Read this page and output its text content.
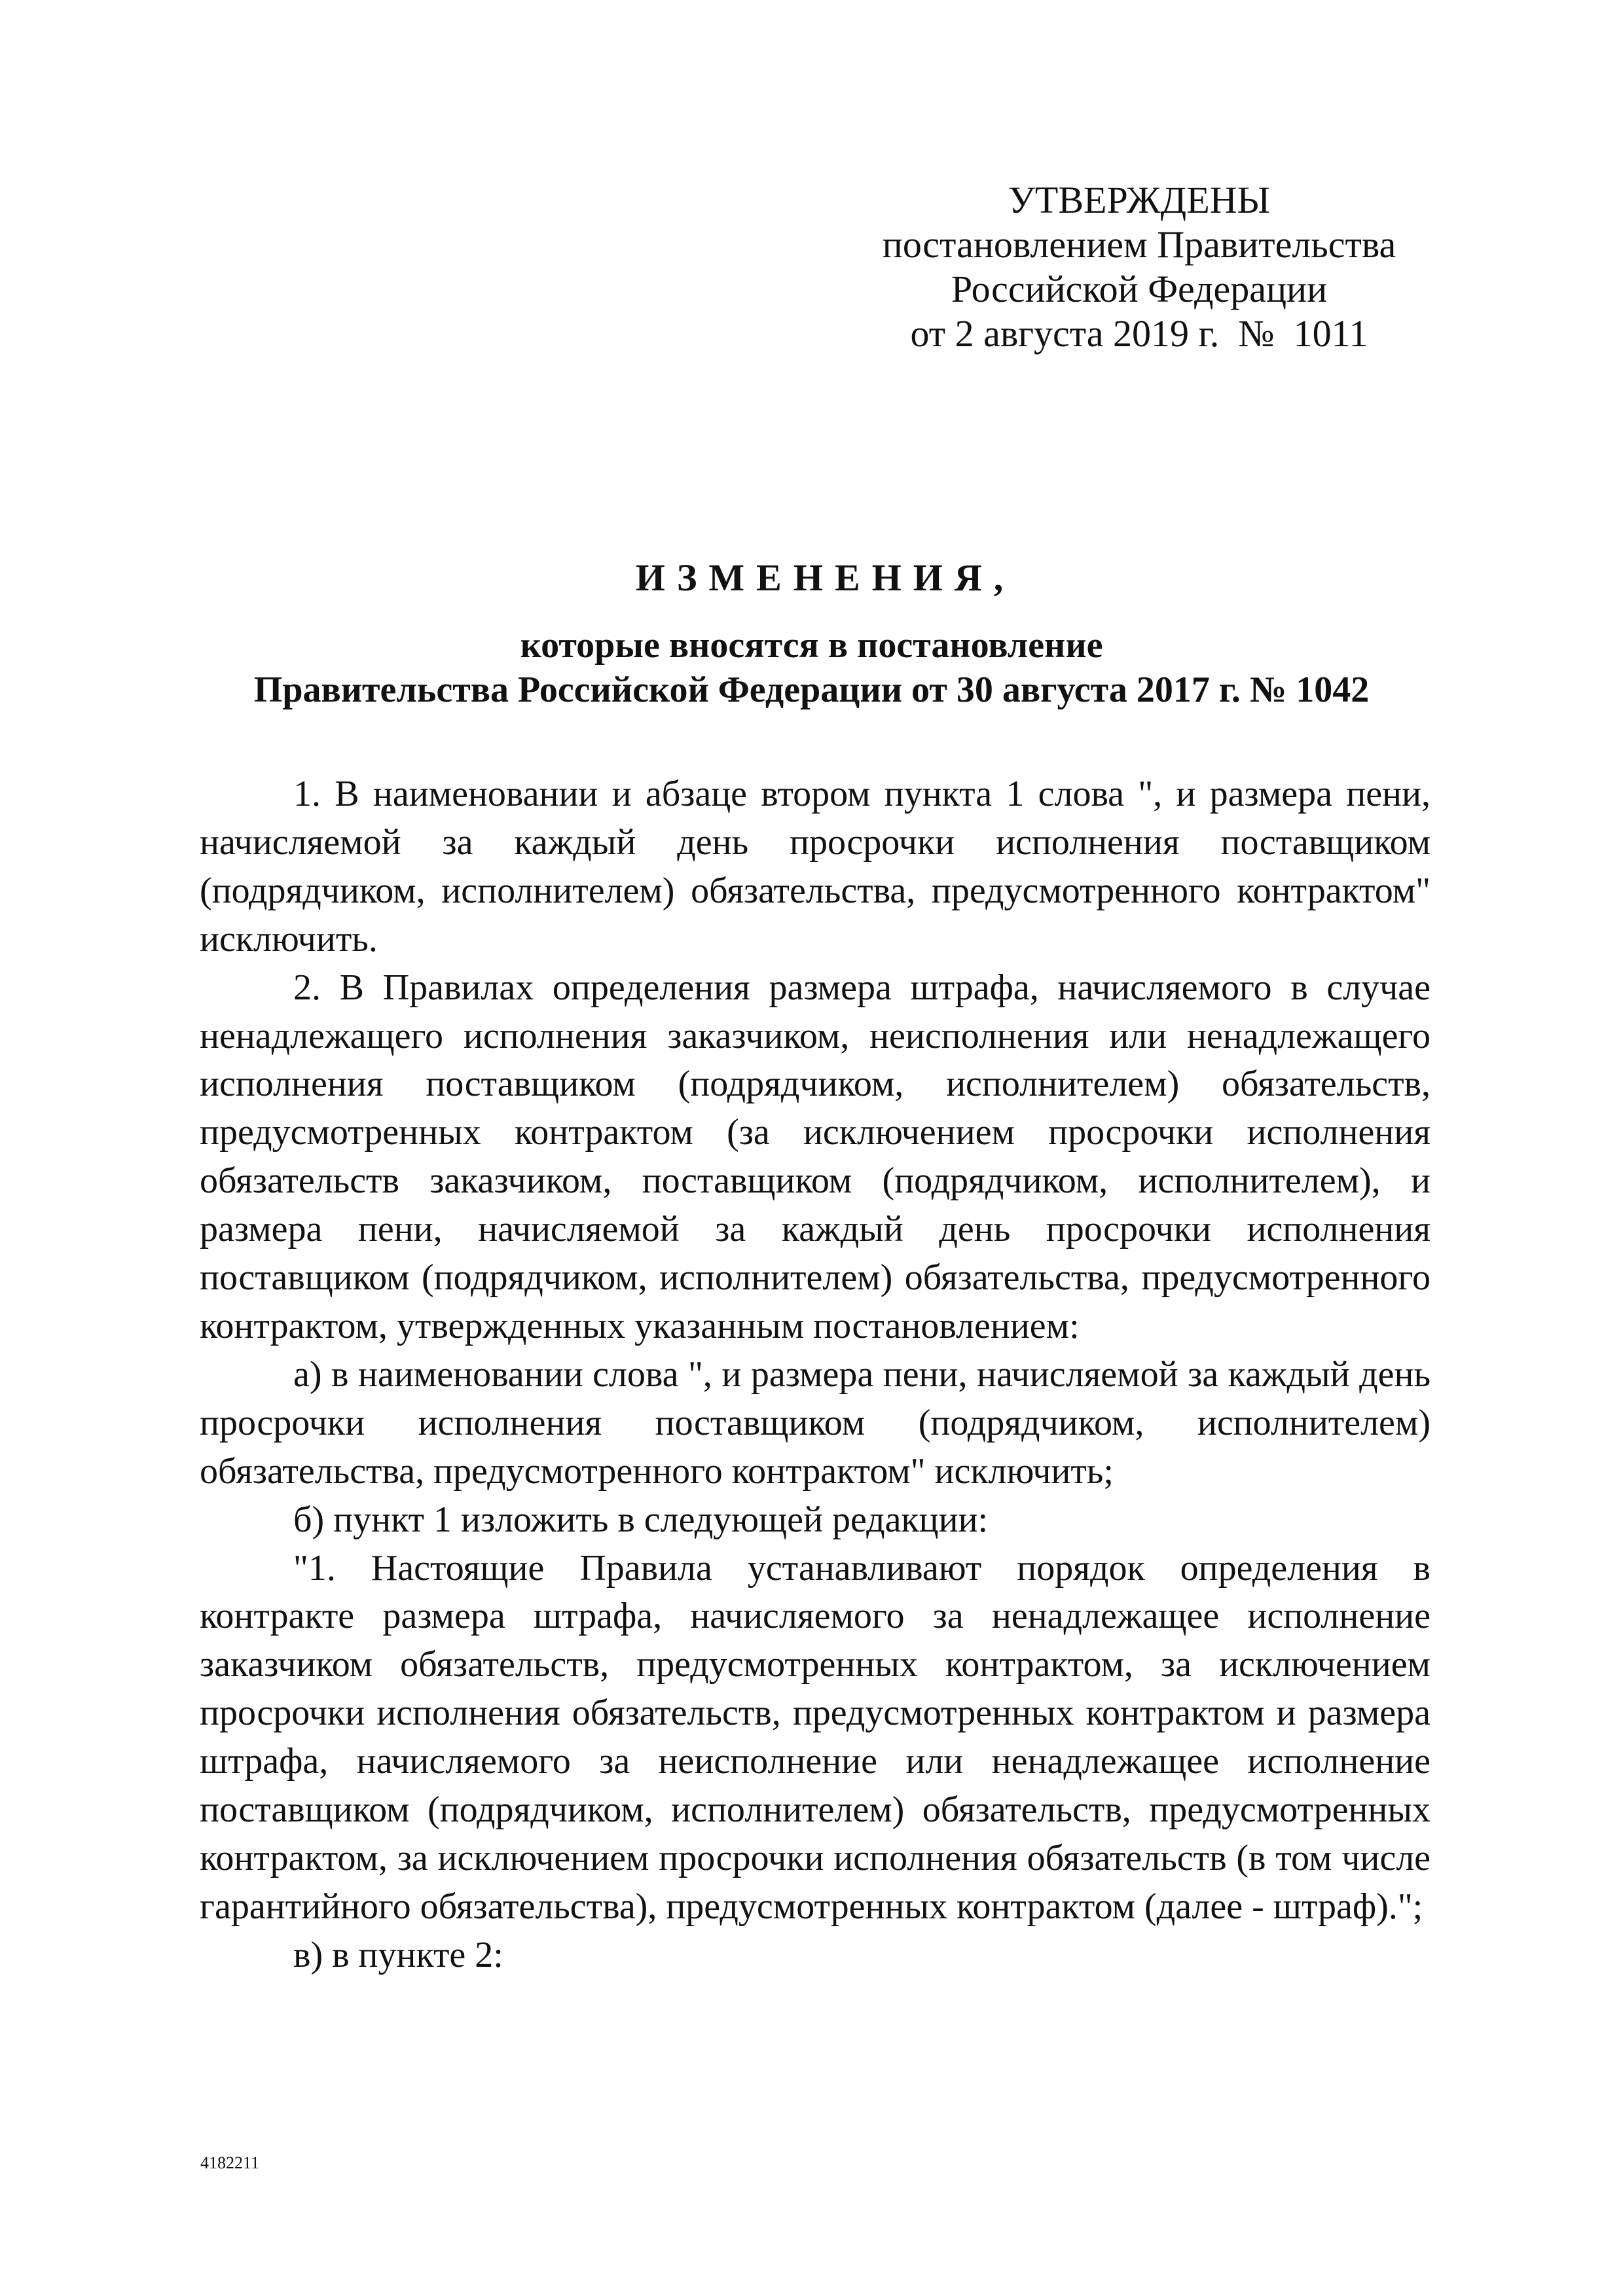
УТВЕРЖДЕНЫ
постановлением Правительства
Российской Федерации
от 2 августа 2019 г.  №  1011
ИЗМЕНЕНИЯ,
которые вносятся в постановление
Правительства Российской Федерации от 30 августа 2017 г. № 1042

1. В наименовании и абзаце втором пункта 1 слова ", и размера пени, начисляемой за каждый день просрочки исполнения поставщиком (подрядчиком, исполнителем) обязательства, предусмотренного контрактом" исключить.

2. В Правилах определения размера штрафа, начисляемого в случае ненадлежащего исполнения заказчиком, неисполнения или ненадлежащего исполнения поставщиком (подрядчиком, исполнителем) обязательств, предусмотренных контрактом (за исключением просрочки исполнения обязательств заказчиком, поставщиком (подрядчиком, исполнителем), и размера пени, начисляемой за каждый день просрочки исполнения поставщиком (подрядчиком, исполнителем) обязательства, предусмотренного контрактом, утвержденных указанным постановлением:

а) в наименовании слова ", и размера пени, начисляемой за каждый день просрочки исполнения поставщиком (подрядчиком, исполнителем) обязательства, предусмотренного контрактом" исключить;

б) пункт 1 изложить в следующей редакции:

"1. Настоящие Правила устанавливают порядок определения в контракте размера штрафа, начисляемого за ненадлежащее исполнение заказчиком обязательств, предусмотренных контрактом, за исключением просрочки исполнения обязательств, предусмотренных контрактом и размера штрафа, начисляемого за неисполнение или ненадлежащее исполнение поставщиком (подрядчиком, исполнителем) обязательств, предусмотренных контрактом, за исключением просрочки исполнения обязательств (в том числе гарантийного обязательства), предусмотренных контрактом (далее - штраф).";

в) в пункте 2:

4182211
